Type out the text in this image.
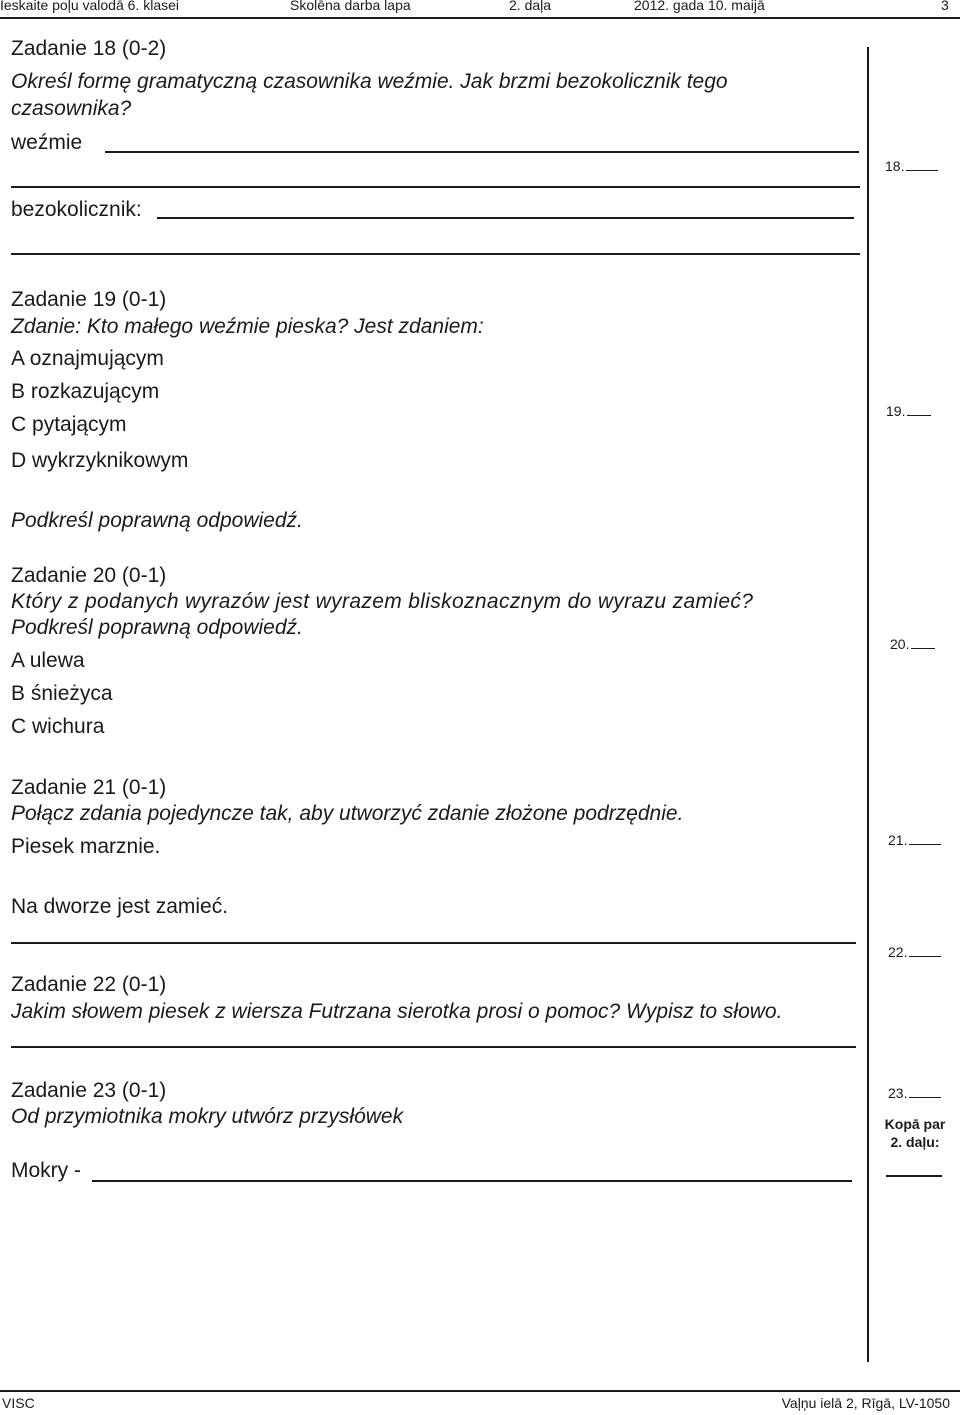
Ieskaite poļu valodā 6. klasei	Skolēna darba lapa	2. daļa	2012. gada 10. maijā	3
Zadanie 18 (0-2)
Określ formę gramatyczną czasownika weźmie. Jak brzmi bezokolicznik tego
czasownika?
weźmie
bezokolicznik:
18.
Zadanie 19 (0-1)
Zdanie: Kto małego weźmie pieska? Jest zdaniem:
A oznajmującym
B rozkazującym
C pytającym
D wykrzyknikowym
Podkreśl poprawną odpowiedź.
19.
Zadanie 20 (0-1)
Który z podanych wyrazów jest wyrazem bliskoznacznym do wyrazu zamieć?
Podkreśl poprawną odpowiedź.
A ulewa
B śnieżyca
C wichura
20.
Zadanie 21 (0-1)
Połącz zdania pojedyncze tak, aby utworzyć zdanie złożone podrzędnie.
Piesek marznie.
Na dworze jest zamieć.
21.
Zadanie 22 (0-1)
Jakim słowem piesek z wiersza Futrzana sierotka prosi o pomoc? Wypisz to słowo.
22.
Zadanie 23 (0-1)
Od przymiotnika mokry utwórz przysłówek
Mokry -
23.
Kopā par
2. daļu:
VISC	Vaļņu ielā 2, Rīgā, LV-1050
